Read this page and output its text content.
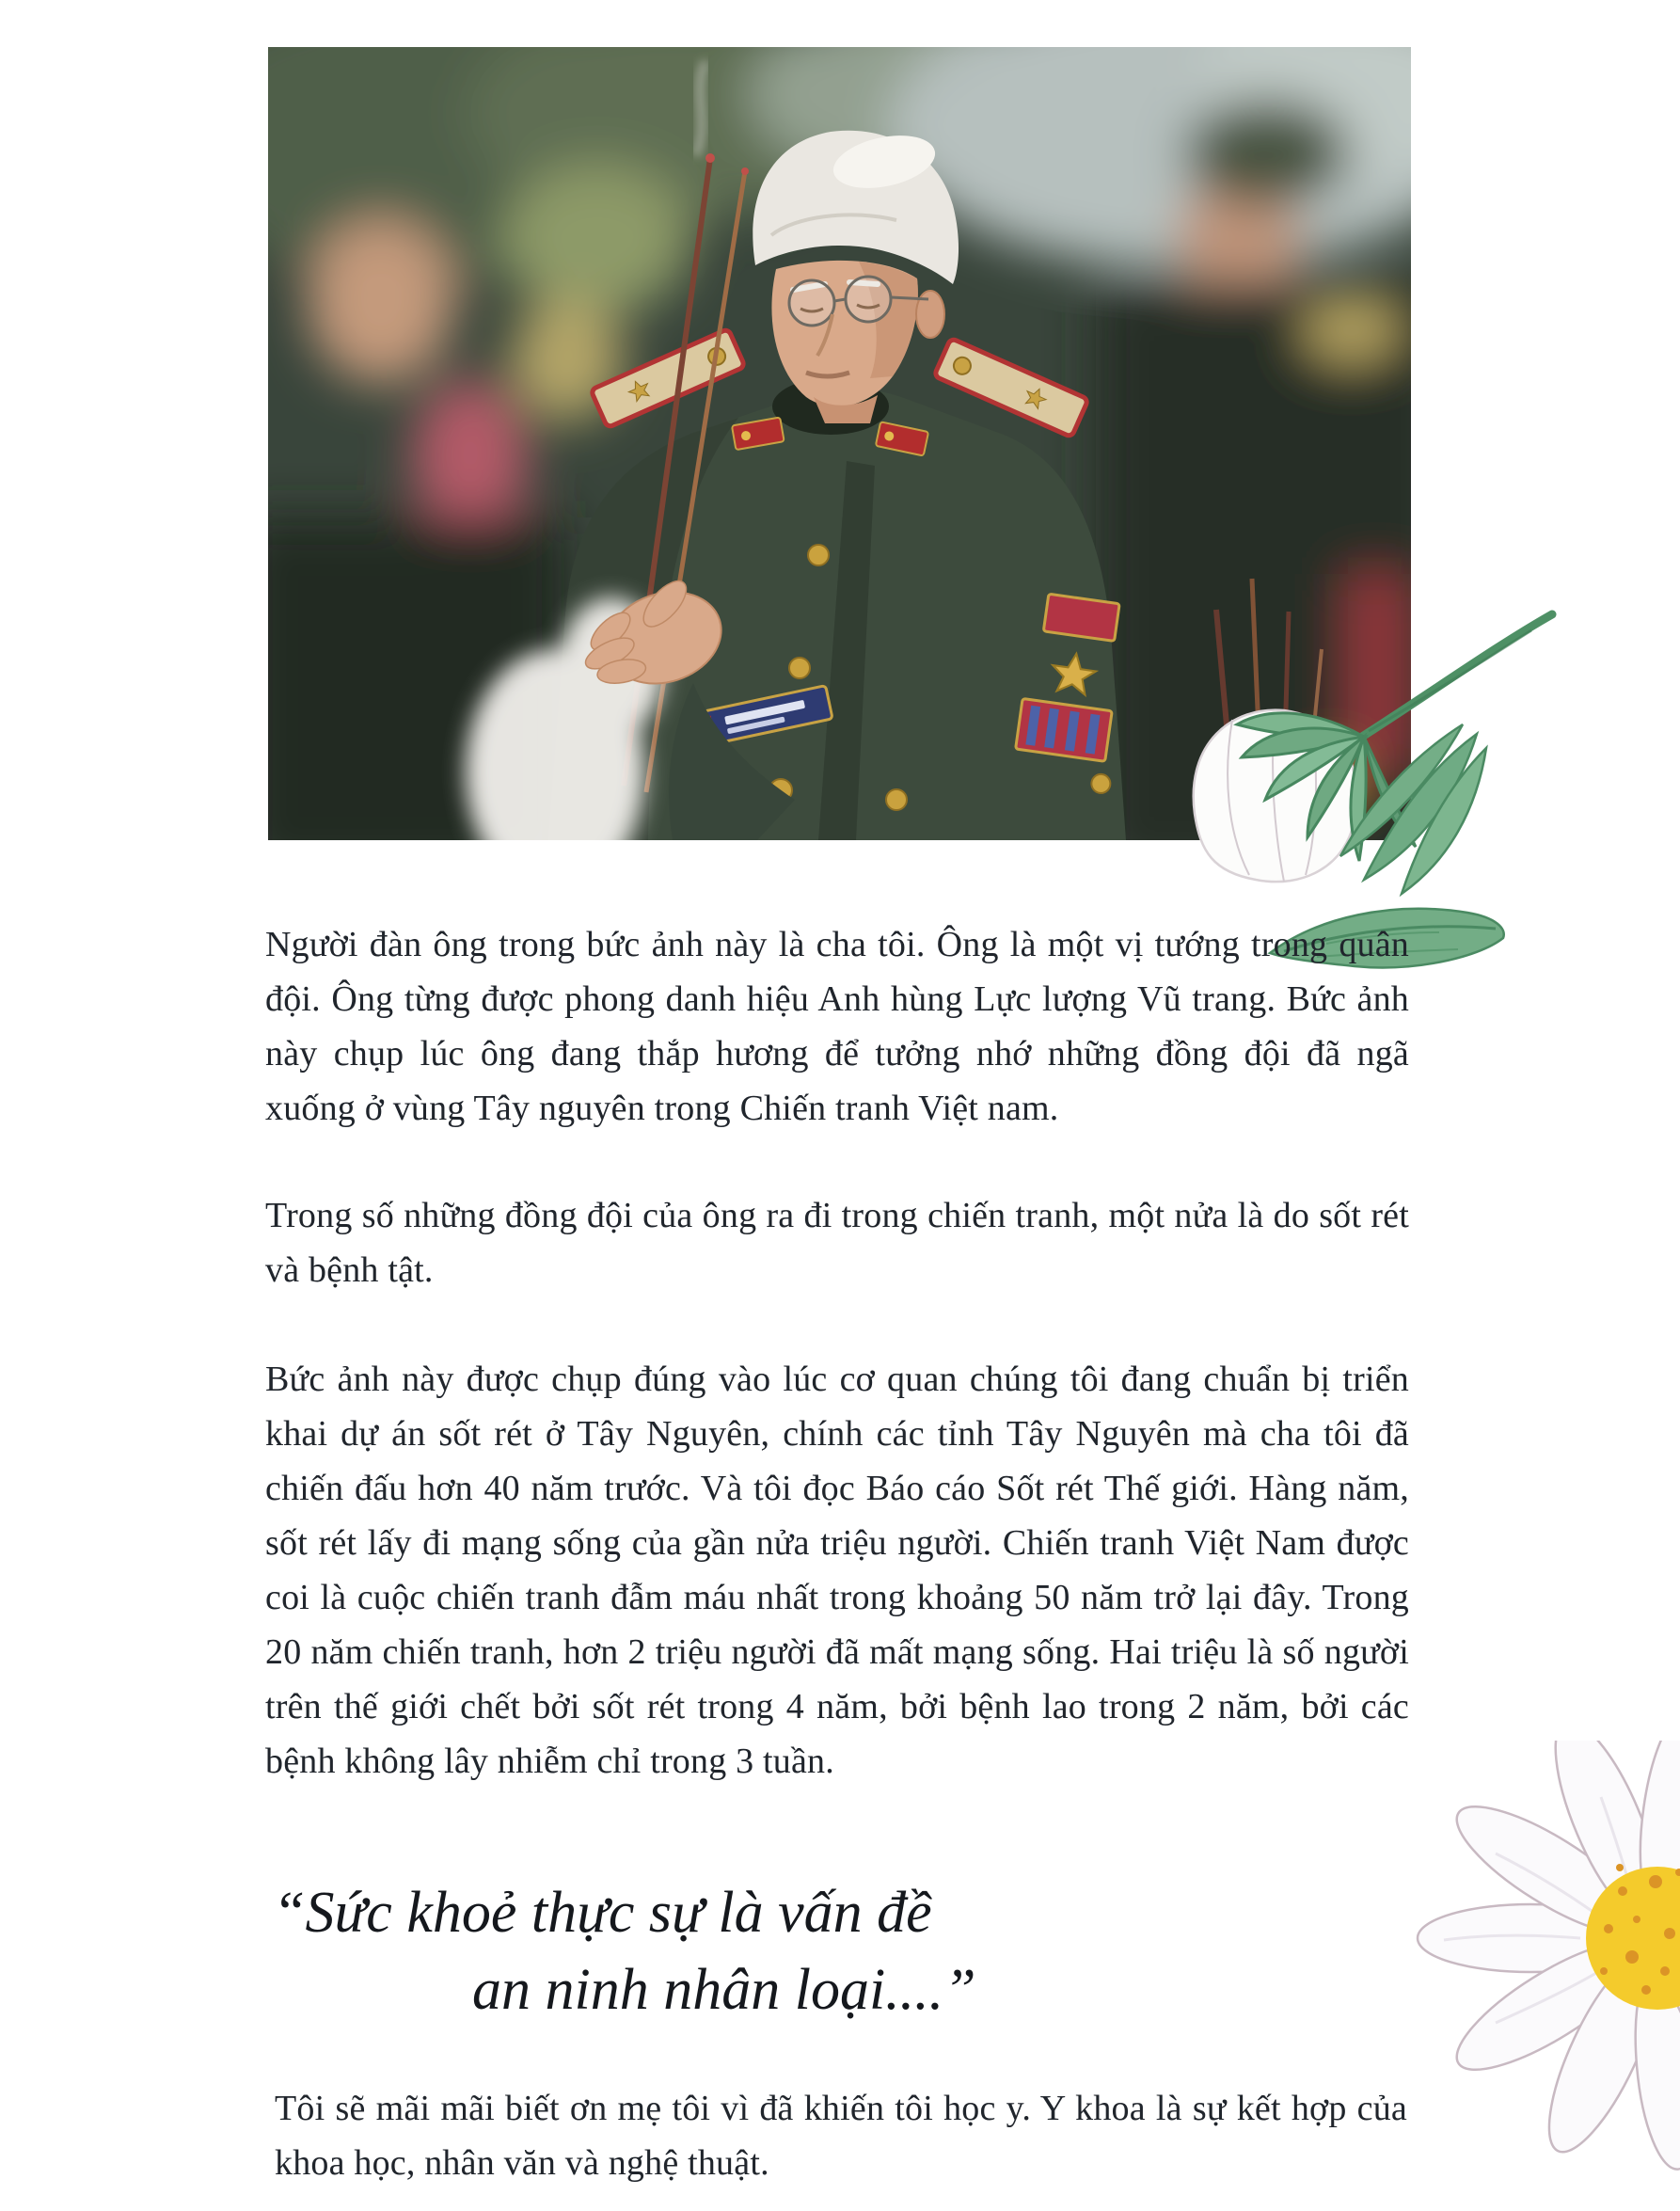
Người đàn ông trong bức ảnh này là cha tôi. Ông là một vị tướng trong quân đội. Ông từng được phong danh hiệu Anh hùng Lực lượng Vũ trang. Bức ảnh này chụp lúc ông đang thắp hương để tưởng nhớ những đồng đội đã ngã xuống ở vùng Tây nguyên trong Chiến tranh Việt nam.

Trong số những đồng đội của ông ra đi trong chiến tranh, một nửa là do sốt rét và bệnh tật.

Bức ảnh này được chụp đúng vào lúc cơ quan chúng tôi đang chuẩn bị triển khai dự án sốt rét ở Tây Nguyên, chính các tỉnh Tây Nguyên mà cha tôi đã chiến đấu hơn 40 năm trước. Và tôi đọc Báo cáo Sốt rét Thế giới. Hàng năm, sốt rét lấy đi mạng sống của gần nửa triệu người. Chiến tranh Việt Nam được coi là cuộc chiến tranh đẫm máu nhất trong khoảng 50 năm trở lại đây. Trong 20 năm chiến tranh, hơn 2 triệu người đã mất mạng sống. Hai triệu là số người trên thế giới chết bởi sốt rét trong 4 năm, bởi bệnh lao trong 2 năm, bởi các bệnh không lây nhiễm chỉ trong 3 tuần.

“Sức khoẻ thực sự là vấn đề
an ninh nhân loại....”

Tôi sẽ mãi mãi biết ơn mẹ tôi vì đã khiến tôi học y. Y khoa là sự kết hợp của khoa học, nhân văn và nghệ thuật.
